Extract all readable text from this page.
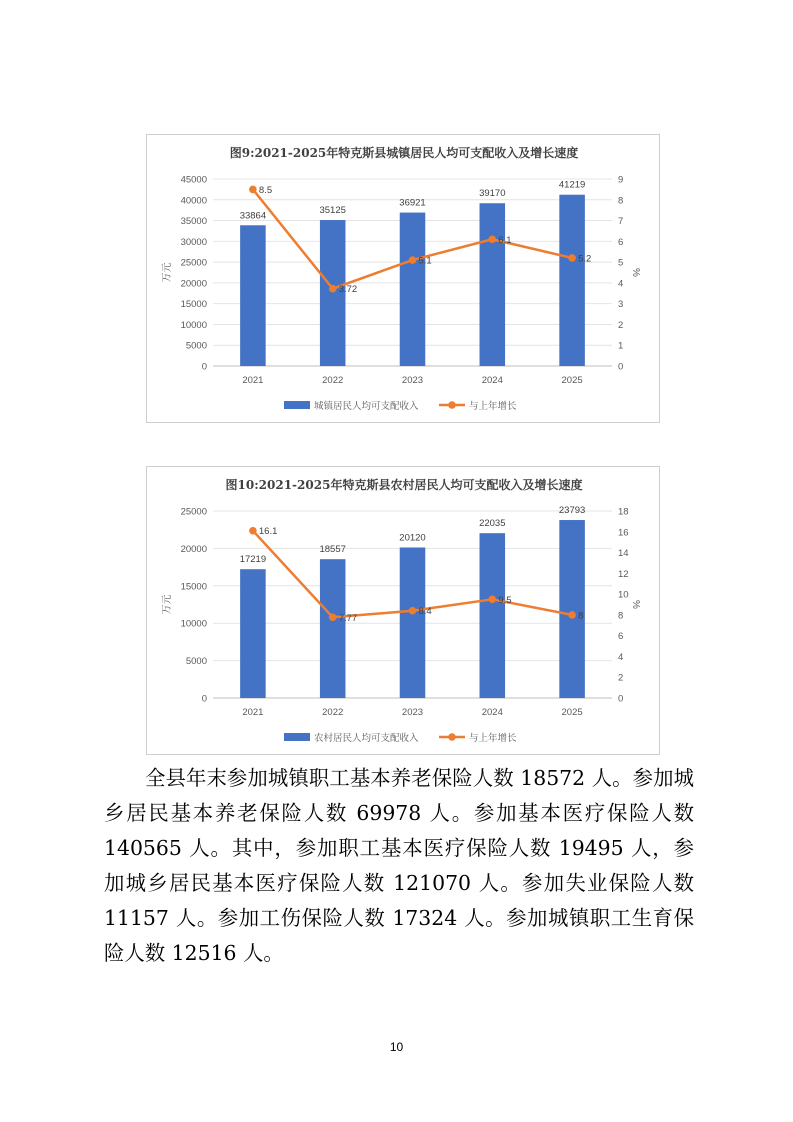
图9:2021-2025年特克斯县城镇居民人均可支配收入及增长速度
0
5000
10000
15000
20000
25000
30000
35000
40000
45000
0
1
2
3
4
5
6
7
8
9
万元	%
33864	35125
36921
39170
41219
2021	2022	2023	2024	2025
8.5
3.72
5.1
6.1
5.2
城镇居民人均可支配收入	与上年增长
图10:2021-2025年特克斯县农村居民人均可支配收入及增长速度
0
5000
10000
15000
20000
25000
0
2
4
6
8
10
12
14
16
18
万元	%
17219
18557
20120
22035
23793
2021	2022	2023	2024	2025
16.1
7.77
8.4
9.5
8
农村居民人均可支配收入	与上年增长

全县年末参加城镇职工基本养老保险人数 18572 人。参加城乡居民基本养老保险人数 69978 人。参加基本医疗保险人数 140565 人。其中，参加职工基本医疗保险人数 19495 人，参加城乡居民基本医疗保险人数 121070 人。参加失业保险人数 11157 人。参加工伤保险人数 17324 人。参加城镇职工生育保险人数 12516 人。

10
